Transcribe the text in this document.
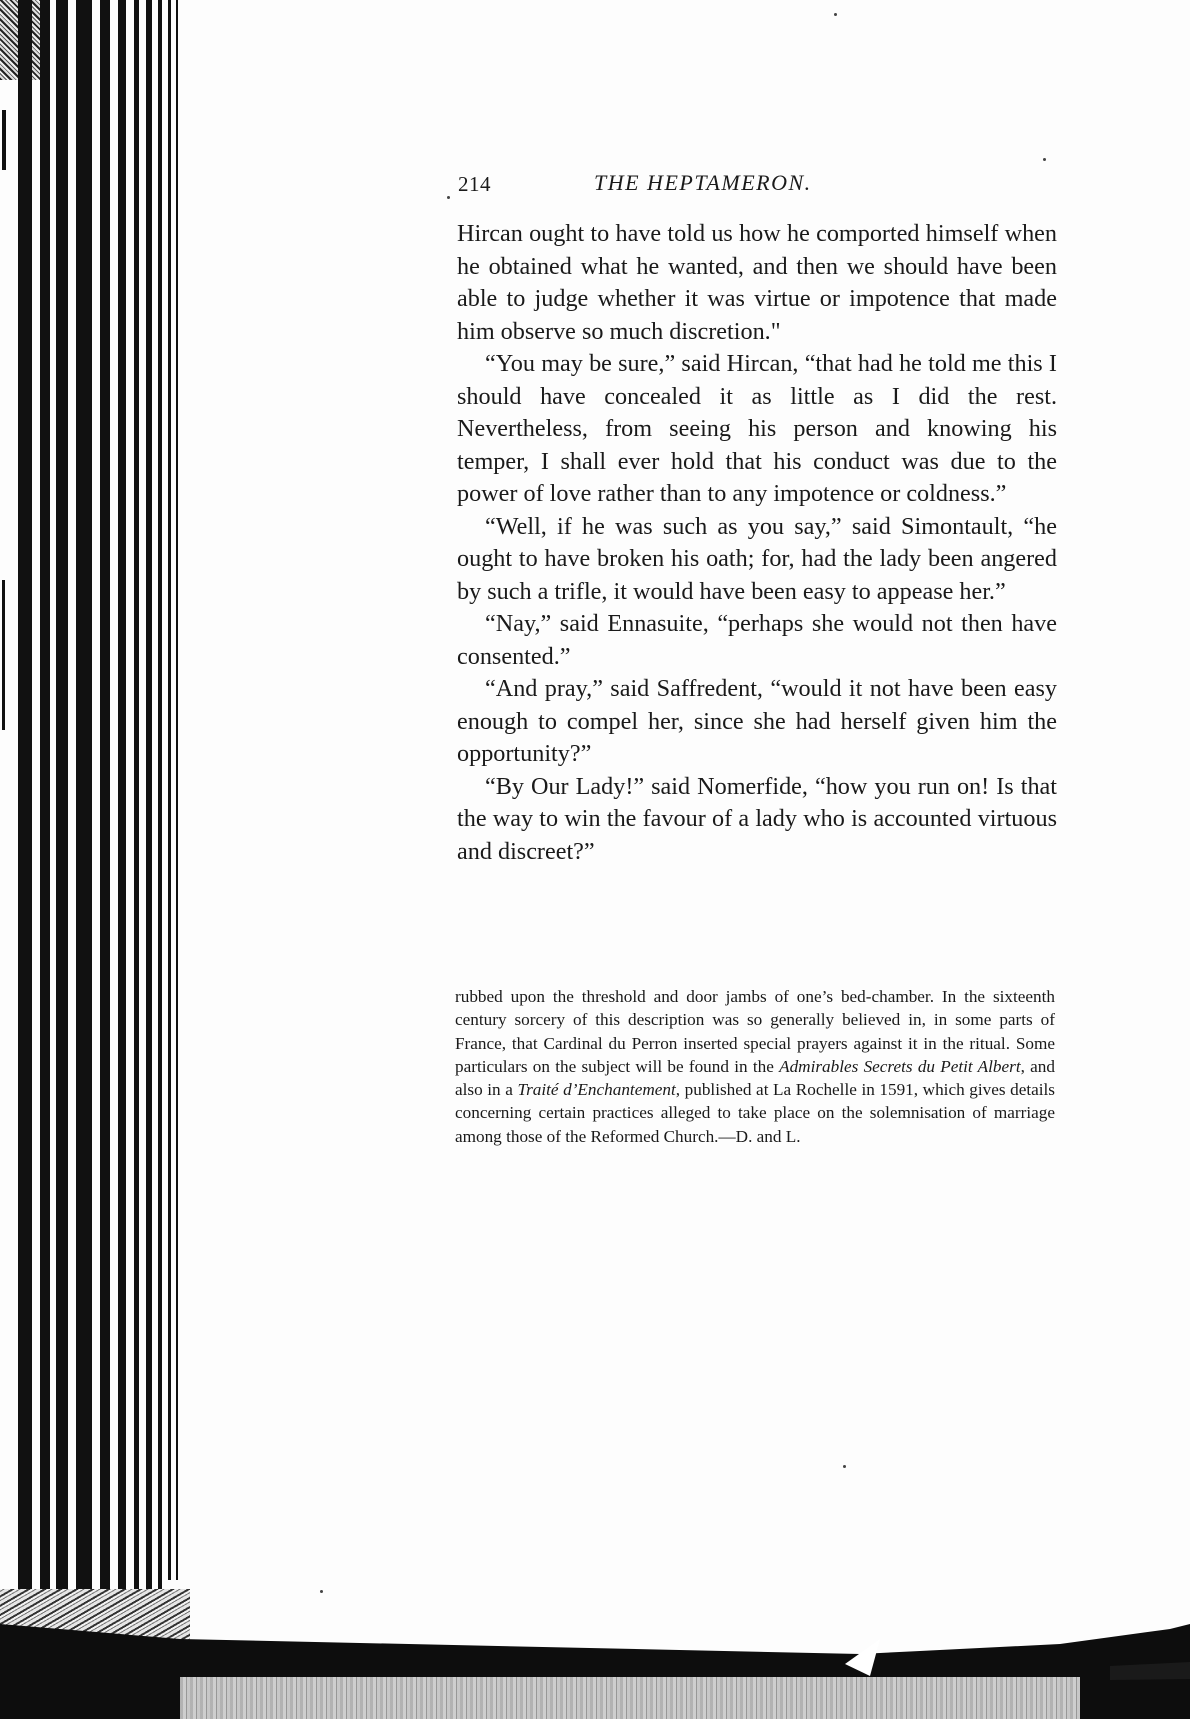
214	THE HEPTAMERON.

Hircan ought to have told us how he comported himself when he obtained what he wanted, and then we should have been able to judge whether it was virtue or impotence that made him observe so much discretion."

“You may be sure,” said Hircan, “that had he told me this I should have concealed it as little as I did the rest. Nevertheless, from seeing his person and knowing his temper, I shall ever hold that his conduct was due to the power of love rather than to any impotence or coldness.”

“Well, if he was such as you say,” said Simontault, “he ought to have broken his oath; for, had the lady been angered by such a trifle, it would have been easy to appease her.”

“Nay,” said Ennasuite, “perhaps she would not then have consented.”

“And pray,” said Saffredent, “would it not have been easy enough to compel her, since she had herself given him the opportunity?”

“By Our Lady!” said Nomerfide, “how you run on! Is that the way to win the favour of a lady who is accounted virtuous and discreet?”

rubbed upon the threshold and door jambs of one’s bed-chamber. In the sixteenth century sorcery of this description was so generally believed in, in some parts of France, that Cardinal du Perron inserted special prayers against it in the ritual. Some particulars on the subject will be found in the Admirables Secrets du Petit Albert, and also in a Traité d’Enchantement, published at La Rochelle in 1591, which gives details concerning certain practices alleged to take place on the solemnisation of marriage among those of the Reformed Church.—D. and L.
